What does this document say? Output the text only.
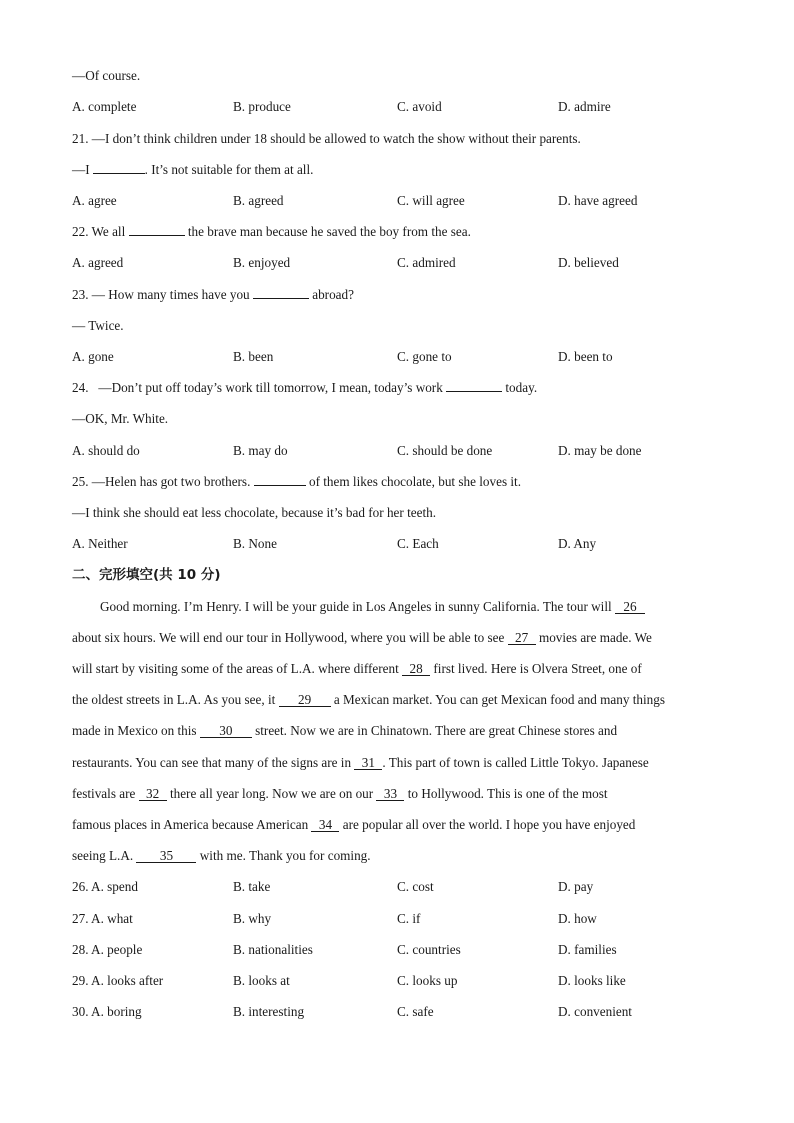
—Of course.
A. complete	B. produce	C. avoid	D. admire
21. —I don’t think children under 18 should be allowed to watch the show without their parents.
—I	. It’s not suitable for them at all.
A. agree	B. agreed	C. will agree	D. have agreed
22. We all	the brave man because he saved the boy from the sea.
A. agreed	B. enjoyed	C. admired	D. believed
23. — How many times have you	abroad?
— Twice.
A. gone	B. been	C. gone to	D. been to
24.   —Don’t put off today’s work till tomorrow, I mean, today’s work	today.
—OK, Mr. White.
A. should do	B. may do	C. should be done	D. may be done
25. —Helen has got two brothers.	of them likes chocolate, but she loves it.
—I think she should eat less chocolate, because it’s bad for her teeth.
A. Neither	B. None	C. Each	D. Any
二、完形填空(共 10 分)
Good morning. I’m Henry. I will be your guide in Los Angeles in sunny California. The tour will 26
about six hours. We will end our tour in Hollywood, where you will be able to see 27 movies are made. We
will start by visiting some of the areas of L.A. where different 28 first lived. Here is Olvera Street, one of
the oldest streets in L.A. As you see, it 29 a Mexican market. You can get Mexican food and many things
made in Mexico on this 30 street. Now we are in Chinatown. There are great Chinese stores and
restaurants. You can see that many of the signs are in 31 . This part of town is called Little Tokyo. Japanese
festivals are 32 there all year long. Now we are on our 33 to Hollywood. This is one of the most
famous places in America because American 34 are popular all over the world. I hope you have enjoyed
seeing L.A. 35 with me. Thank you for coming.
26. A. spend	B. take	C. cost	D. pay
27. A. what	B. why	C. if	D. how
28. A. people	B. nationalities	C. countries	D. families
29. A. looks after	B. looks at	C. looks up	D. looks like
30. A. boring	B. interesting	C. safe	D. convenient
